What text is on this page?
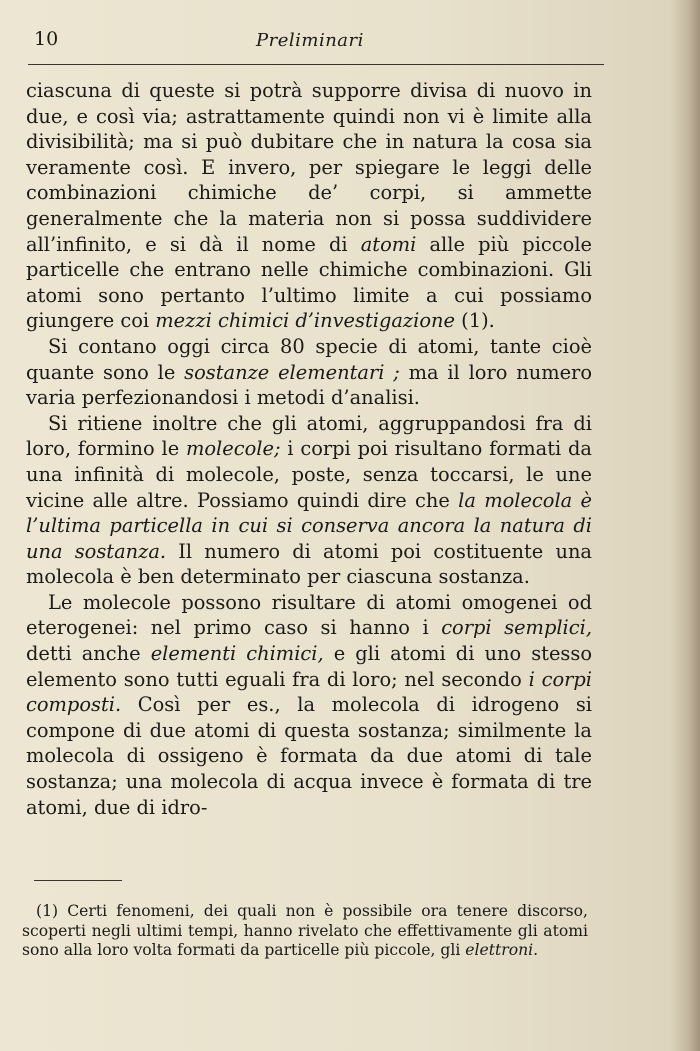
10	Preliminari

ciascuna di queste si potrà supporre divisa di nuovo in due, e così via; astrattamente quindi non vi è limite alla divisibilità; ma si può dubitare che in natura la cosa sia veramente così. E invero, per spiegare le leggi delle combinazioni chimiche de’ corpi, si ammette generalmente che la materia non si possa suddividere all’infinito, e si dà il nome di atomi alle più piccole particelle che entrano nelle chimiche combinazioni. Gli atomi sono pertanto l’ultimo limite a cui possiamo giungere coi mezzi chimici d’investigazione (1).

Si contano oggi circa 80 specie di atomi, tante cioè quante sono le sostanze elementari ; ma il loro numero varia perfezionandosi i metodi d’analisi.

Si ritiene inoltre che gli atomi, aggruppandosi fra di loro, formino le molecole; i corpi poi risultano formati da una infinità di molecole, poste, senza toccarsi, le une vicine alle altre. Possiamo quindi dire che la molecola è l’ultima particella in cui si conserva ancora la natura di una sostanza. Il numero di atomi poi costituente una molecola è ben determinato per ciascuna sostanza.

Le molecole possono risultare di atomi omogenei od eterogenei: nel primo caso si hanno i corpi semplici, detti anche elementi chimici, e gli atomi di uno stesso elemento sono tutti eguali fra di loro; nel secondo i corpi composti. Così per es., la molecola di idrogeno si compone di due atomi di questa sostanza; similmente la molecola di ossigeno è formata da due atomi di tale sostanza; una molecola di acqua invece è formata di tre atomi, due di idro-

(1) Certi fenomeni, dei quali non è possibile ora tenere discorso, scoperti negli ultimi tempi, hanno rivelato che effettivamente gli atomi sono alla loro volta formati da particelle più piccole, gli elettroni.
